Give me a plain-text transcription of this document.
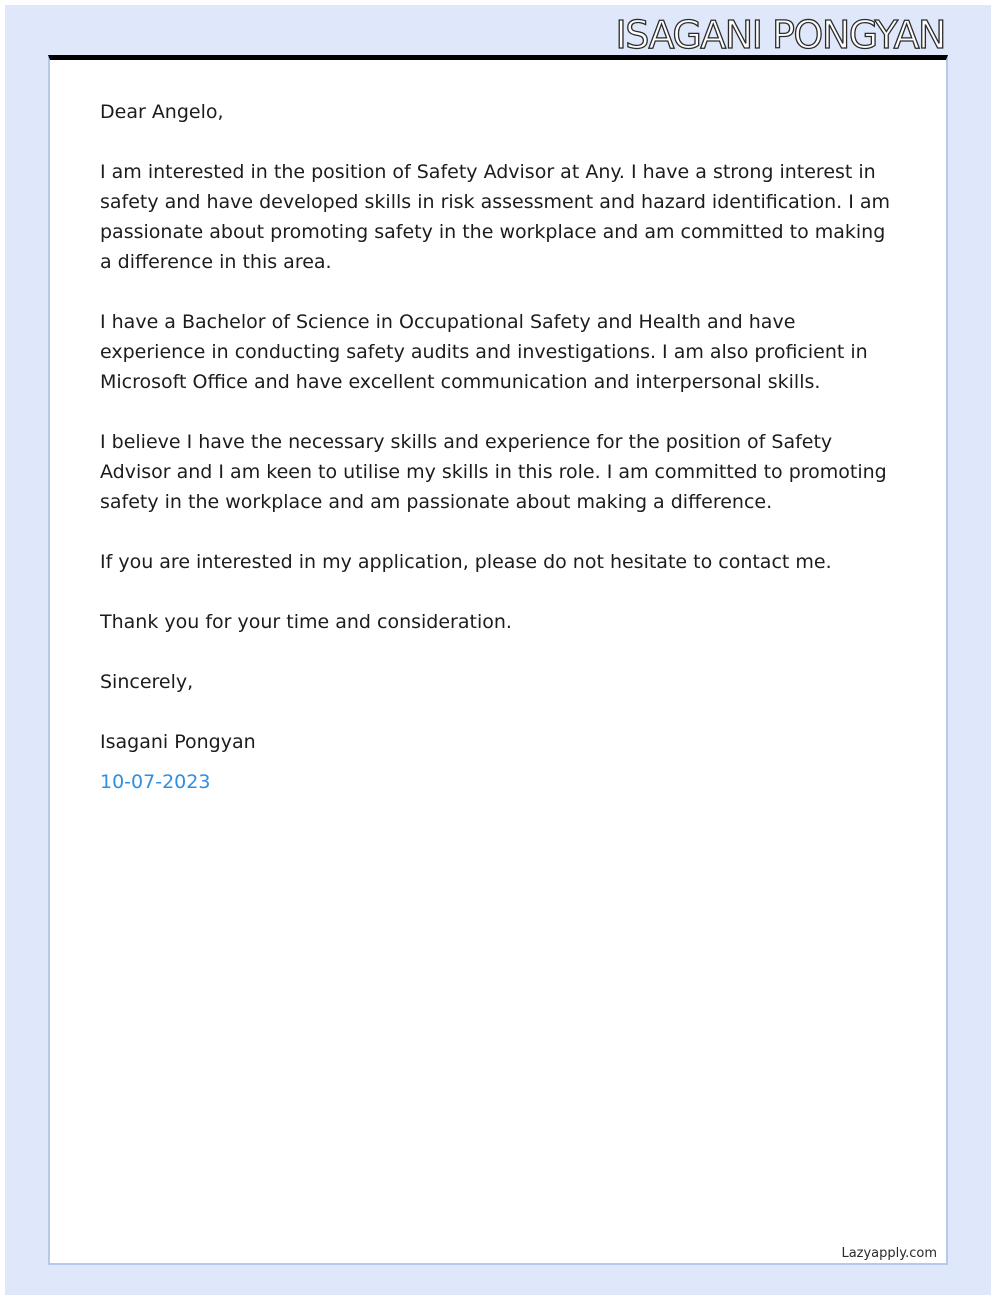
ISAGANI PONGYAN

Dear Angelo,

I am interested in the position of Safety Advisor at Any. I have a strong interest in safety and have developed skills in risk assessment and hazard identification. I am passionate about promoting safety in the workplace and am committed to making a difference in this area.

I have a Bachelor of Science in Occupational Safety and Health and have experience in conducting safety audits and investigations. I am also proficient in Microsoft Office and have excellent communication and interpersonal skills.

I believe I have the necessary skills and experience for the position of Safety Advisor and I am keen to utilise my skills in this role. I am committed to promoting safety in the workplace and am passionate about making a difference.

If you are interested in my application, please do not hesitate to contact me.

Thank you for your time and consideration.

Sincerely,

Isagani Pongyan

10-07-2023

Lazyapply.com
